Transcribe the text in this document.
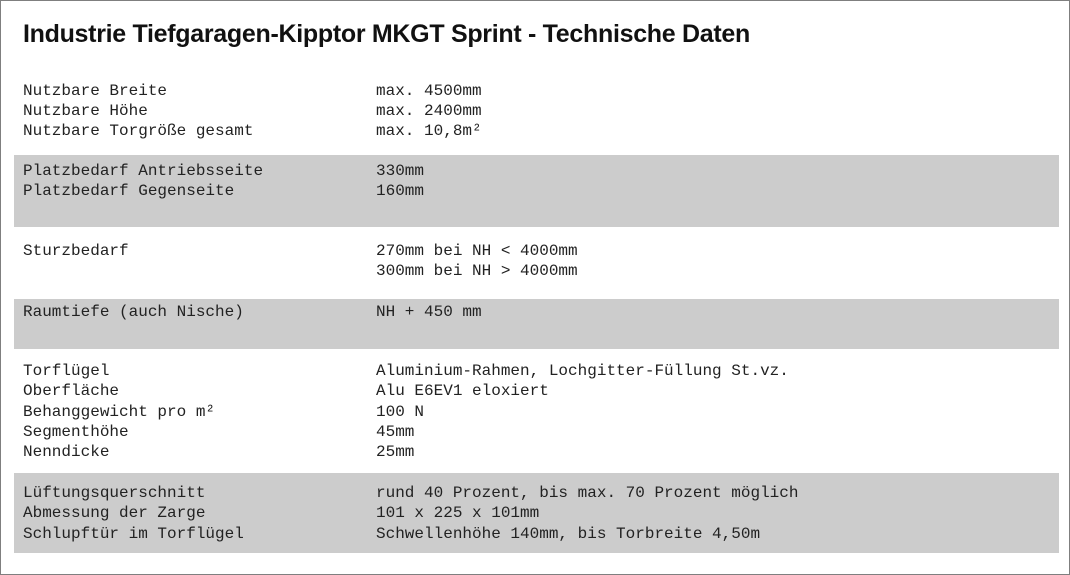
Industrie Tiefgaragen-Kipptor MKGT Sprint - Technische Daten
Nutzbare Breite	max. 4500mm
Nutzbare Höhe	max. 2400mm
Nutzbare Torgröße gesamt	max. 10,8m²
Platzbedarf Antriebsseite	330mm
Platzbedarf Gegenseite	160mm
Sturzbedarf	270mm bei NH < 4000mm
300mm bei NH > 4000mm
Raumtiefe (auch Nische)	NH + 450 mm
Torflügel	Aluminium-Rahmen, Lochgitter-Füllung St.vz.
Oberfläche	Alu E6EV1 eloxiert
Behanggewicht pro m²	100 N
Segmenthöhe	45mm
Nenndicke	25mm
Lüftungsquerschnitt	rund 40 Prozent, bis max. 70 Prozent möglich
Abmessung der Zarge	101 x 225 x 101mm
Schlupftür im Torflügel	Schwellenhöhe 140mm, bis Torbreite 4,50m
